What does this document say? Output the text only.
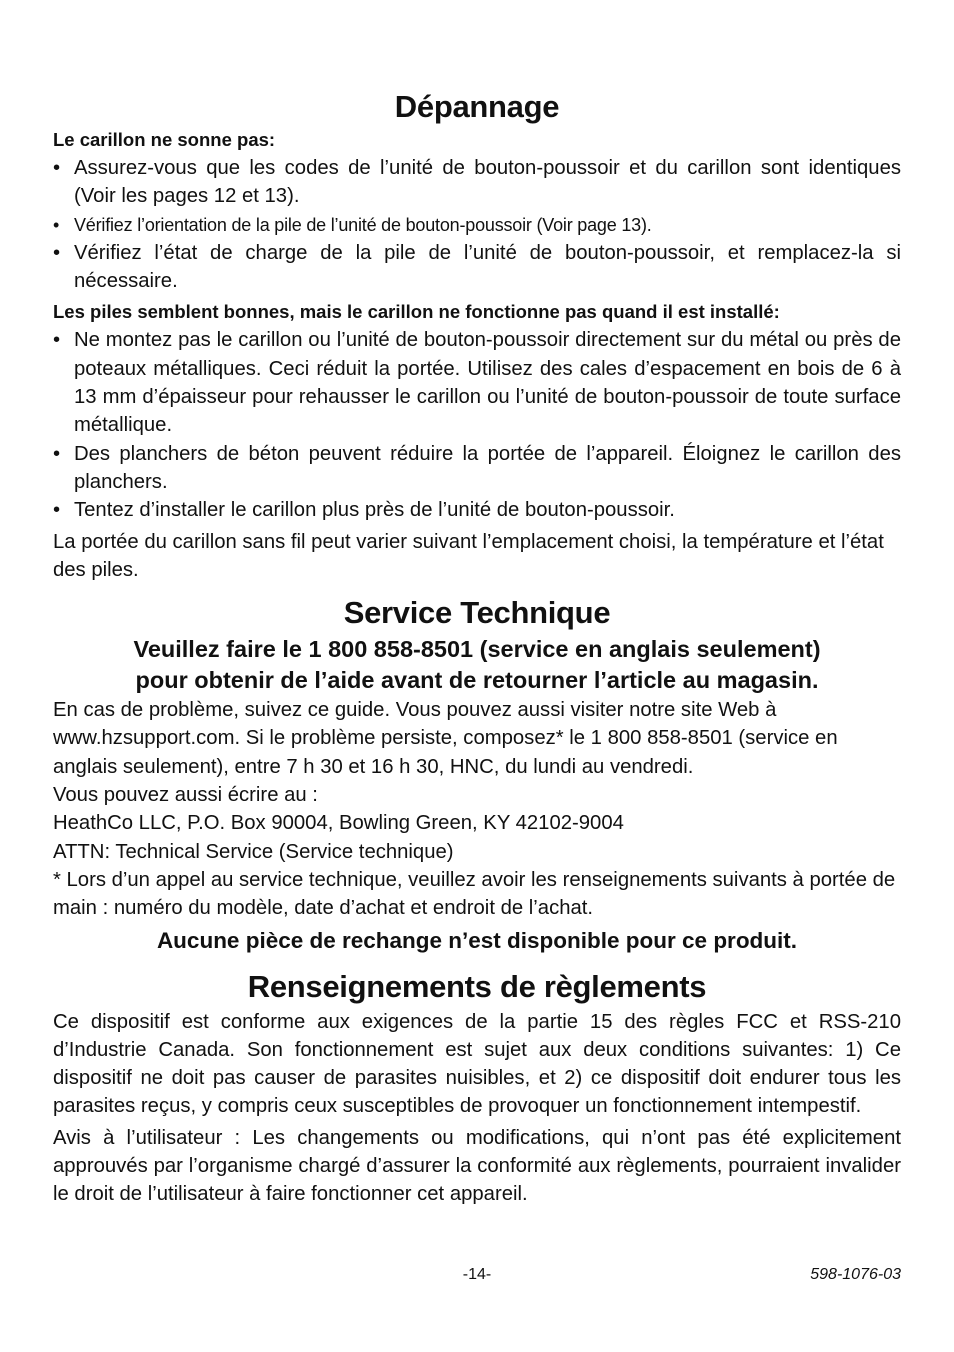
Dépannage

Le carillon ne sonne pas:

• Assurez-vous que les codes de l’unité de bouton-poussoir et du carillon sont identiques (Voir les pages 12 et 13).
• Vérifiez l’orientation de la pile de l’unité de bouton-poussoir (Voir page 13).
• Vérifiez l’état de charge de la pile de l’unité de bouton-poussoir, et remplacez-la si nécessaire.

Les piles semblent bonnes, mais le carillon ne fonctionne pas quand il est installé:

• Ne montez pas le carillon ou l’unité de bouton-poussoir directement sur du métal ou près de poteaux métalliques. Ceci réduit la portée. Utilisez des cales d’espacement en bois de 6 à 13 mm d’épaisseur pour rehausser le carillon ou l’unité de bouton-poussoir de toute surface métallique.
• Des planchers de béton peuvent réduire la portée de l’appareil. Éloignez le carillon des planchers.
• Tentez d’installer le carillon plus près de l’unité de bouton-poussoir.

La portée du carillon sans fil peut varier suivant l’emplacement choisi, la température et l’état des piles.

Service Technique

Veuillez faire le 1 800 858-8501 (service en anglais seulement)

pour obtenir de l’aide avant de retourner l’article au magasin.

En cas de problème, suivez ce guide. Vous pouvez aussi visiter notre site Web à www.hzsupport.com. Si le problème persiste, composez* le 1 800 858-8501 (service en anglais seulement), entre 7 h 30 et 16 h 30, HNC, du lundi au vendredi.

Vous pouvez aussi écrire au :

HeathCo LLC, P.O. Box 90004, Bowling Green, KY 42102-9004

ATTN: Technical Service (Service technique)

* Lors d’un appel au service technique, veuillez avoir les renseignements suivants à portée de main : numéro du modèle, date d’achat et endroit de l’achat.

Aucune pièce de rechange n’est disponible pour ce produit.

Renseignements de règlements

Ce dispositif est conforme aux exigences de la partie 15 des règles FCC et RSS-210 d’Industrie Canada. Son fonctionnement est sujet aux deux conditions suivantes: 1) Ce dispositif ne doit pas causer de parasites nuisibles, et 2) ce dispositif doit endurer tous les parasites reçus, y compris ceux susceptibles de provoquer un fonctionnement intempestif.

Avis à l’utilisateur : Les changements ou modifications, qui n’ont pas été explicitement approuvés par l’organisme chargé d’assurer la conformité aux règlements, pourraient invalider le droit de l’utilisateur à faire fonctionner cet appareil.

-14-	598-1076-03
